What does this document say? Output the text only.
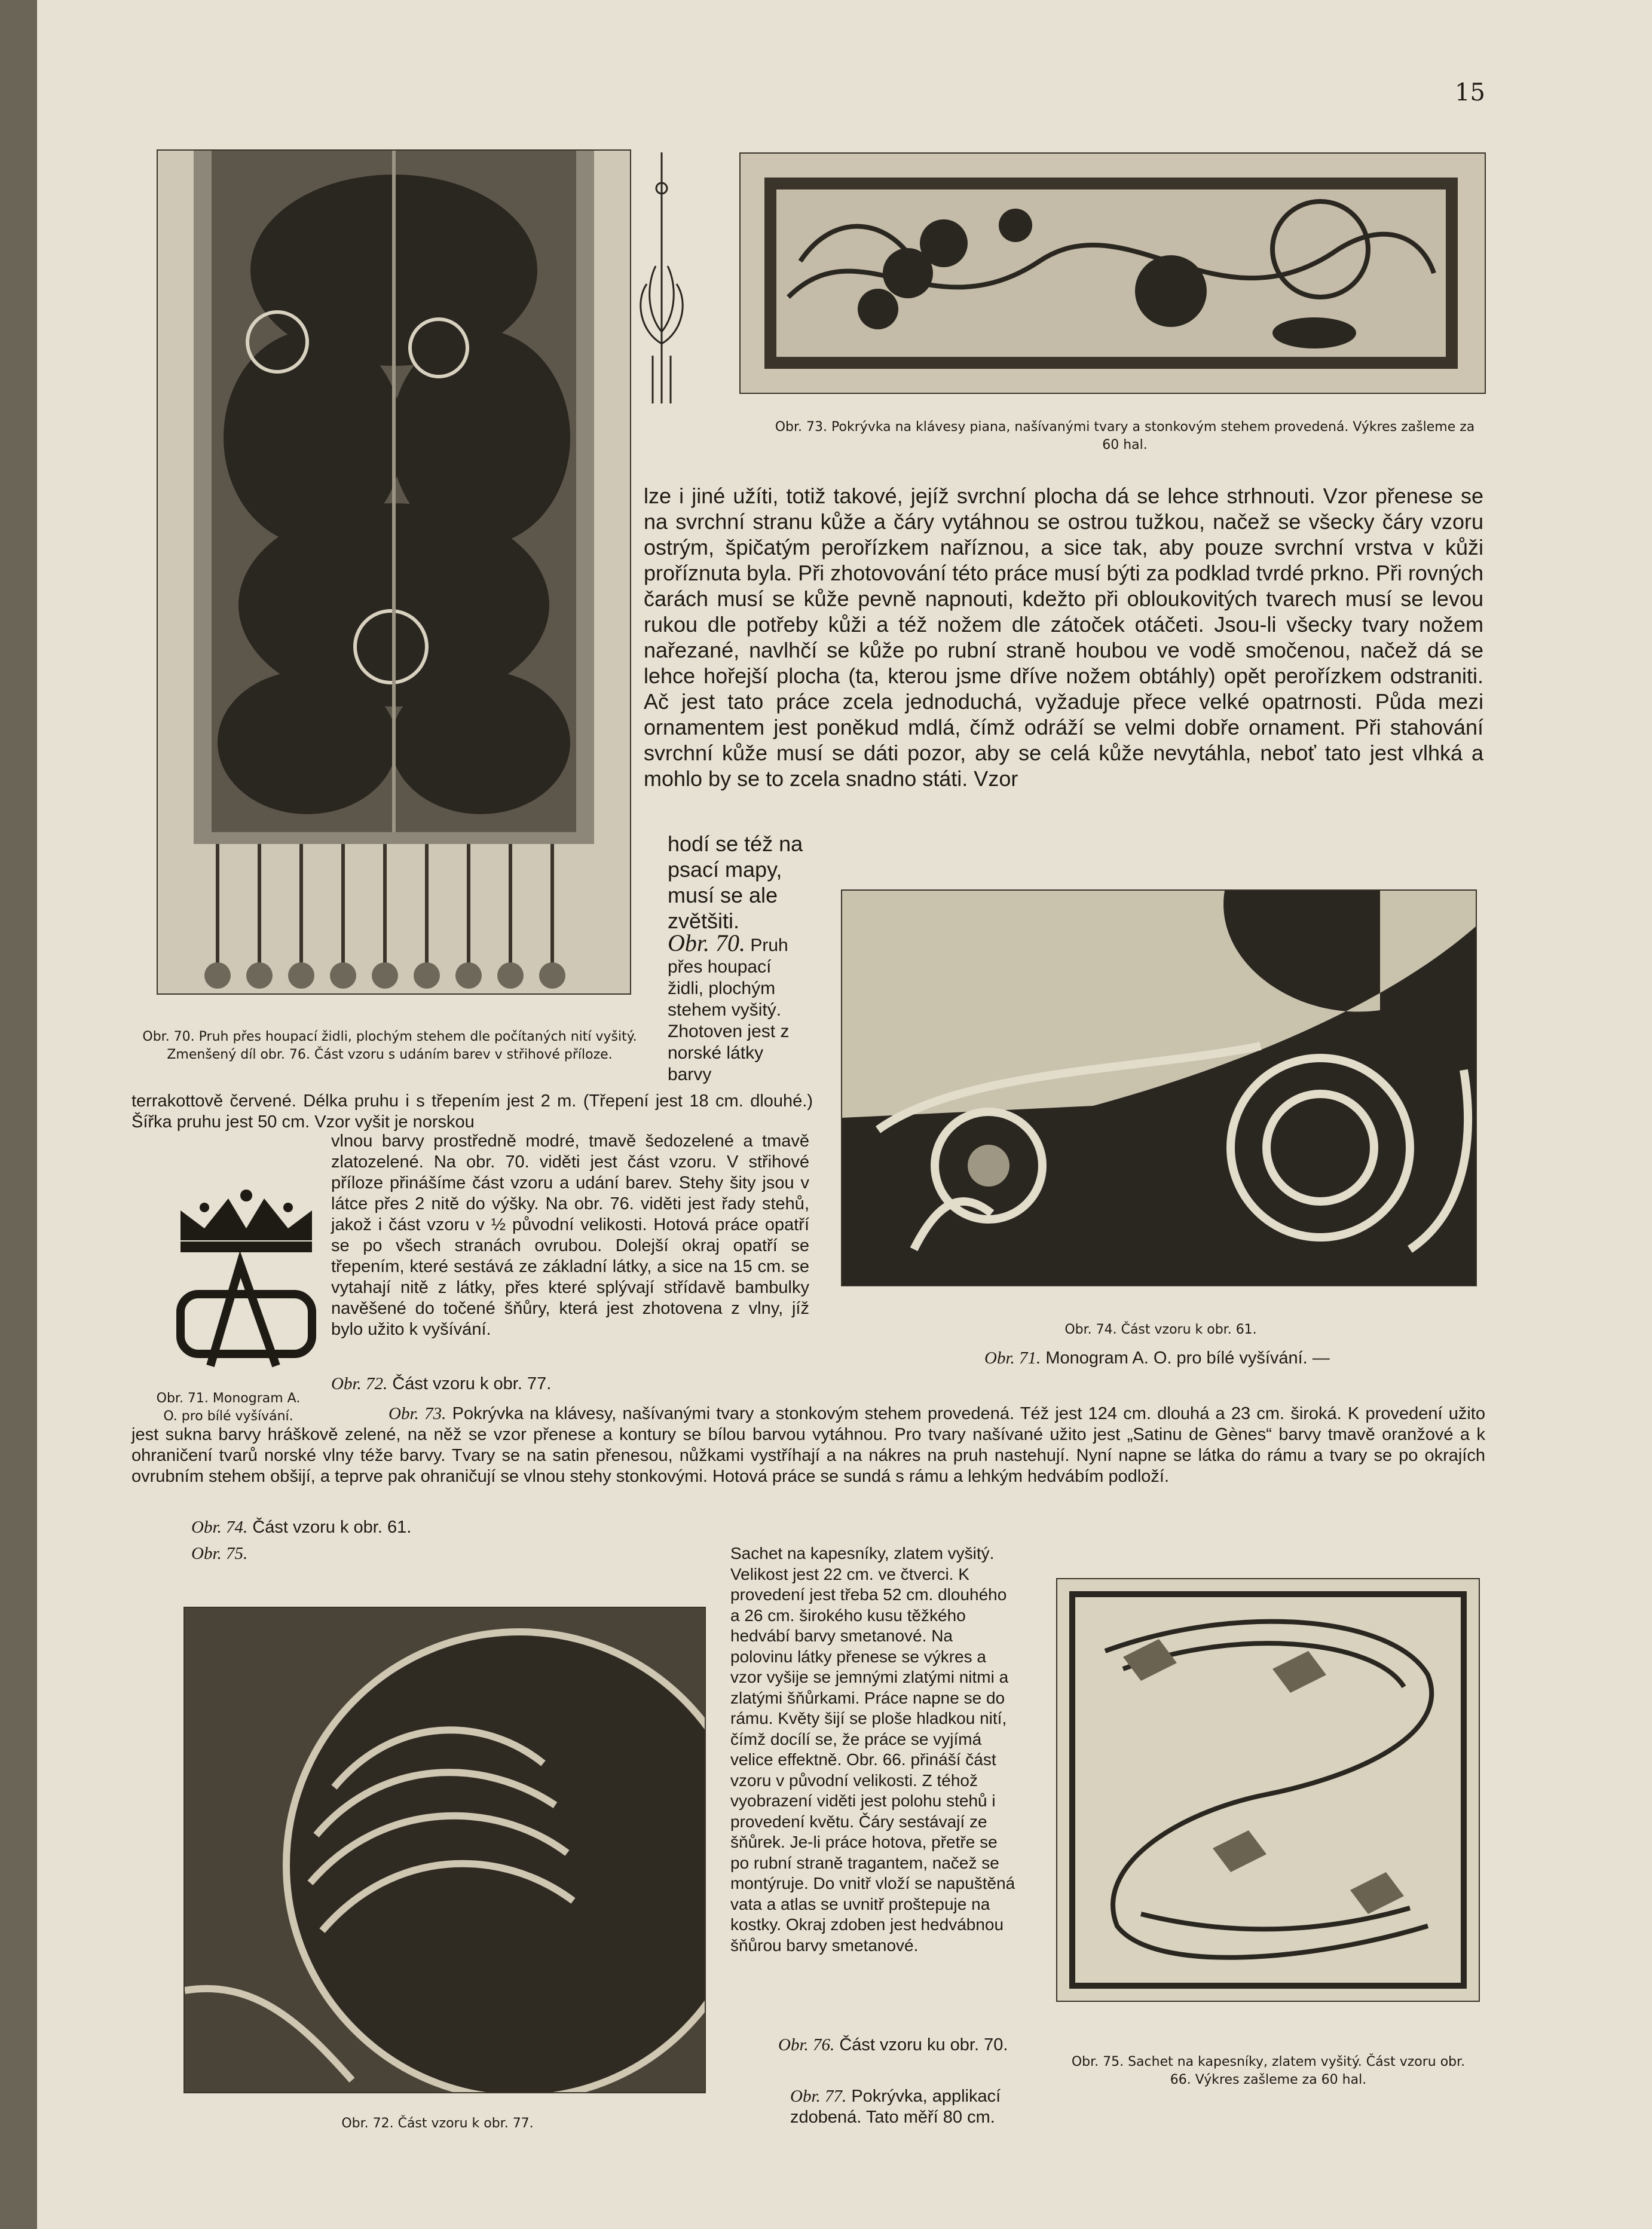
15
Obr. 70. Pruh přes houpací židli, plochým stehem dle počítaných nití vyšitý. Zmenšený díl obr. 76. Část vzoru s udáním barev v střihové příloze.
Obr. 73. Pokrývka na klávesy piana, našívanými tvary a stonkovým stehem provedená. Výkres zašleme za 60 hal.
lze i jiné užíti, totiž takové, jejíž svrchní plocha dá se lehce strhnouti. Vzor přenese se na svrchní stranu kůže a čáry vytáhnou se ostrou tužkou, načež se všecky čáry vzoru ostrým, špičatým perořízkem naříznou, a sice tak, aby pouze svrchní vrstva v kůži proříznuta byla. Při zhotovování této práce musí býti za podklad tvrdé prkno. Při rovných čarách musí se kůže pevně napnouti, kdežto při obloukovitých tvarech musí se levou rukou dle potřeby kůži a též nožem dle zátoček otáčeti. Jsou-li všecky tvary nožem nařezané, navlhčí se kůže po rubní straně houbou ve vodě smočenou, načež dá se lehce hořejší plocha (ta, kterou jsme dříve nožem obtáhly) opět perořízkem odstraniti. Ač jest tato práce zcela jednoduchá, vyžaduje přece velké opatrnosti. Půda mezi ornamentem jest poněkud mdlá, čímž odráží se velmi dobře ornament. Při stahování svrchní kůže musí se dáti pozor, aby se celá kůže nevytáhla, neboť tato jest vlhká a mohlo by se to zcela snadno státi. Vzor
hodí se též na psací mapy, musí se ale zvětšiti.
Obr. 70. Pruh přes houpací židli, plochým stehem vyšitý. Zhotoven jest z norské látky barvy
Obr. 74. Část vzoru k obr. 61.
terrakottově červené. Délka pruhu i s třepením jest 2 m. (Třepení jest 18 cm. dlouhé.) Šířka pruhu jest 50 cm. Vzor vyšit je norskou
Obr. 71. Monogram A. O. pro bílé vyšívání.
vlnou barvy prostředně modré, tmavě šedozelené a tmavě zlatozelené. Na obr. 70. viděti jest část vzoru. V střihové příloze přinášíme část vzoru a udání barev. Stehy šity jsou v látce přes 2 nitě do výšky. Na obr. 76. viděti jest řady stehů, jakož i část vzoru v ½ původní velikosti. Hotová práce opatří se po všech stranách ovrubou. Dolejší okraj opatří se třepením, které sestává ze základní látky, a sice na 15 cm. se vytahají nitě z látky, přes které splývají střídavě bambulky navěšené do točené šňůry, která jest zhotovena z vlny, jíž bylo užito k vyšívání.
Obr. 71. Monogram A. O. pro bílé vyšívání. —
Obr. 72. Část vzoru k obr. 77.
Obr. 73. Pokrývka na klávesy, našívanými tvary a stonkovým stehem provedená. Též jest 124 cm. dlouhá a 23 cm. široká. K provedení užito jest sukna barvy hráškově zelené, na něž se vzor přenese a kontury se bílou barvou vytáhnou. Pro tvary našívané užito jest „Satinu de Gènes“ barvy tmavě oranžové a k ohraničení tvarů norské vlny téže barvy. Tvary se na satin přenesou, nůžkami vystříhají a na nákres na pruh nastehují. Nyní napne se látka do rámu a tvary se po okrajích ovrubním stehem obšijí, a teprve pak ohraničují se vlnou stehy stonkovými. Hotová práce se sundá s rámu a lehkým hedvábím podloží.
Obr. 74. Část vzoru k obr. 61.
Obr. 75.	Sachet na kapesníky, zlatem vyšitý. Velikost jest 22 cm. ve čtverci. K provedení jest třeba 52 cm. dlouhého a 26 cm. širokého kusu těžkého hedvábí barvy smetanové. Na polovinu látky přenese se výkres a vzor vyšije se jemnými zlatými nitmi a zlatými šňůrkami. Práce napne se do rámu. Květy šijí se ploše hladkou nití, čímž docílí se, že práce se vyjímá velice effektně. Obr. 66. přináší část vzoru v původní velikosti. Z téhož vyobrazení viděti jest polohu stehů i provedení květu. Čáry sestávají ze šňůrek. Je-li práce hotova, přetře se po rubní straně tragantem, načež se montýruje. Do vnitř vloží se napuštěná vata a atlas se uvnitř proštepuje na kostky. Okraj zdoben jest hedvábnou šňůrou barvy smetanové.
Obr. 72. Část vzoru k obr. 77.
Obr. 76. Část vzoru ku obr. 70.
Obr. 77. Pokrývka, applikací zdobená. Tato měří 80 cm.
Obr. 75. Sachet na kapesníky, zlatem vyšitý. Část vzoru obr. 66. Výkres zašleme za 60 hal.
